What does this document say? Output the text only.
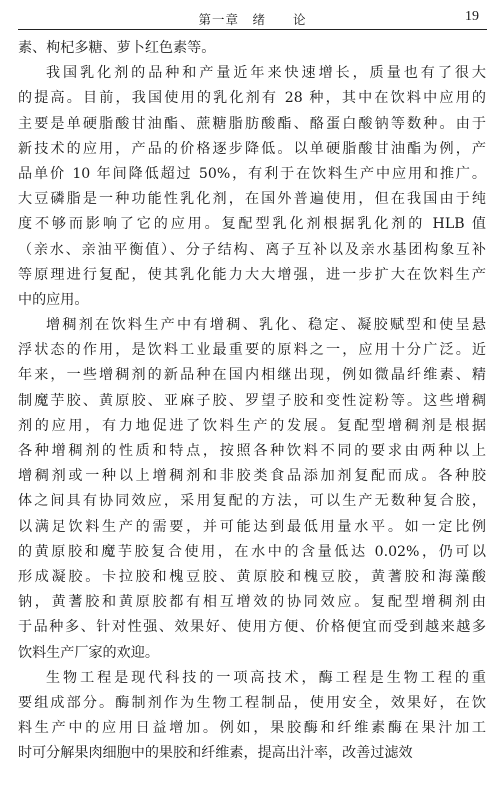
第一章　绪　　论	19
素、枸杞多糖、萝卜红色素等。
我国乳化剂的品种和产量近年来快速增长，质量也有了很大
的提高。目前，我国使用的乳化剂有 28 种，其中在饮料中应用的
主要是单硬脂酸甘油酯、蔗糖脂肪酸酯、酪蛋白酸钠等数种。由于
新技术的应用，产品的价格逐步降低。以单硬脂酸甘油酯为例，产
品单价 10 年间降低超过 50%，有利于在饮料生产中应用和推广。
大豆磷脂是一种功能性乳化剂，在国外普遍使用，但在我国由于纯
度不够而影响了它的应用。复配型乳化剂根据乳化剂的 HLB 值
（亲水、亲油平衡值）、分子结构、离子互补以及亲水基团构象互补
等原理进行复配，使其乳化能力大大增强，进一步扩大在饮料生产
中的应用。
增稠剂在饮料生产中有增稠、乳化、稳定、凝胶赋型和使呈悬
浮状态的作用，是饮料工业最重要的原料之一，应用十分广泛。近
年来，一些增稠剂的新品种在国内相继出现，例如微晶纤维素、精
制魔芋胶、黄原胶、亚麻子胶、罗望子胶和变性淀粉等。这些增稠
剂的应用，有力地促进了饮料生产的发展。复配型增稠剂是根据
各种增稠剂的性质和特点，按照各种饮料不同的要求由两种以上
增稠剂或一种以上增稠剂和非胶类食品添加剂复配而成。各种胶
体之间具有协同效应，采用复配的方法，可以生产无数种复合胶，
以满足饮料生产的需要，并可能达到最低用量水平。如一定比例
的黄原胶和魔芋胶复合使用，在水中的含量低达 0.02%，仍可以
形成凝胶。卡拉胶和槐豆胶、黄原胶和槐豆胶，黄蓍胶和海藻酸
钠，黄蓍胶和黄原胶都有相互增效的协同效应。复配型增稠剂由
于品种多、针对性强、效果好、使用方便、价格便宜而受到越来越多
饮料生产厂家的欢迎。
生物工程是现代科技的一项高技术，酶工程是生物工程的重
要组成部分。酶制剂作为生物工程制品，使用安全，效果好，在饮
料生产中的应用日益增加。例如，果胶酶和纤维素酶在果汁加工
时可分解果肉细胞中的果胶和纤维素，提高出汁率，改善过滤效
